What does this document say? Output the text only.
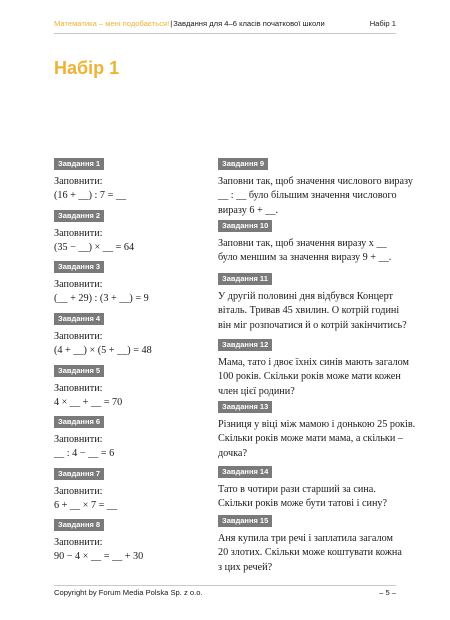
Математика – мені подобається! | Завдання для 4–6 класів початкової школи	Набір 1
Набір 1
Завдання 1
Заповнити:
(16 + __) : 7 = __
Завдання 2
Заповнити:
(35 − __) × __ = 64
Завдання 3
Заповнити:
(__ + 29) : (3 + __) = 9
Завдання 4
Заповнити:
(4 + __) × (5 + __) = 48
Завдання 5
Заповнити:
4 × __ + __ = 70
Завдання 6
Заповнити:
__ : 4 − __ = 6
Завдання 7
Заповнити:
6 + __ × 7 = __
Завдання 8
Заповнити:
90 − 4 × __ = __ + 30
Завдання 9
Заповни так, щоб значення числового виразу
__ : __ було більшим значення числового
виразу 6 + __.
Завдання 10
Заповни так, щоб значення виразу x __
було меншим за значення виразу 9 + __.
Завдання 11
У другій половині дня відбувся Концерт
віталь. Тривав 45 хвилин. О котрій годині
він міг розпочатися й о котрій закінчитись?
Завдання 12
Мама, тато і двоє їхніх синів мають загалом
100 років. Скільки років може мати кожен
член цієї родини?
Завдання 13
Різниця у віці між мамою і донькою 25 років.
Скільки років може мати мама, а скільки –
дочка?
Завдання 14
Тато в чотири рази старший за сина.
Скільки років може бути татові і сину?
Завдання 15
Аня купила три речі і заплатила загалом
20 злотих. Скільки може коштувати кожна
з цих речей?
Copyright by Forum Media Polska Sp. z o.o.	– 5 –
